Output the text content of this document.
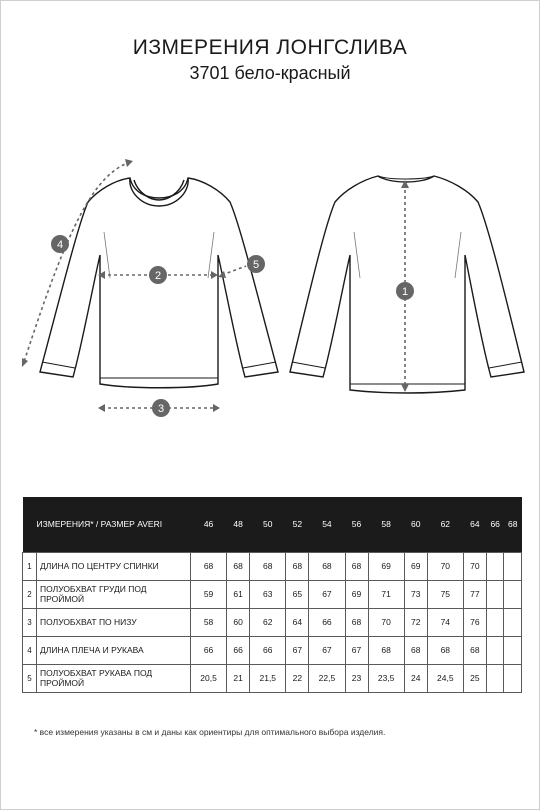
ИЗМЕРЕНИЯ ЛОНГСЛИВА
3701 бело-красный
1
2
3
4
5
ИЗМЕРЕНИЯ* / РАЗМЕР AVERI		46	48	50	52	54	56	58	60	62	64	66	68
1	ДЛИНА ПО ЦЕНТРУ СПИНКИ	68	68	68	68	68	68	69	69	70	70		
2	ПОЛУОБХВАТ ГРУДИ ПОД ПРОЙМОЙ	59	61	63	65	67	69	71	73	75	77		
3	ПОЛУОБХВАТ ПО НИЗУ	58	60	62	64	66	68	70	72	74	76		
4	ДЛИНА ПЛЕЧА И РУКАВА	66	66	66	67	67	67	68	68	68	68		
5	ПОЛУОБХВАТ РУКАВА ПОД ПРОЙМОЙ	20,5	21	21,5	22	22,5	23	23,5	24	24,5	25		
* все измерения указаны в см и даны как ориентиры для оптимального выбора изделия.
